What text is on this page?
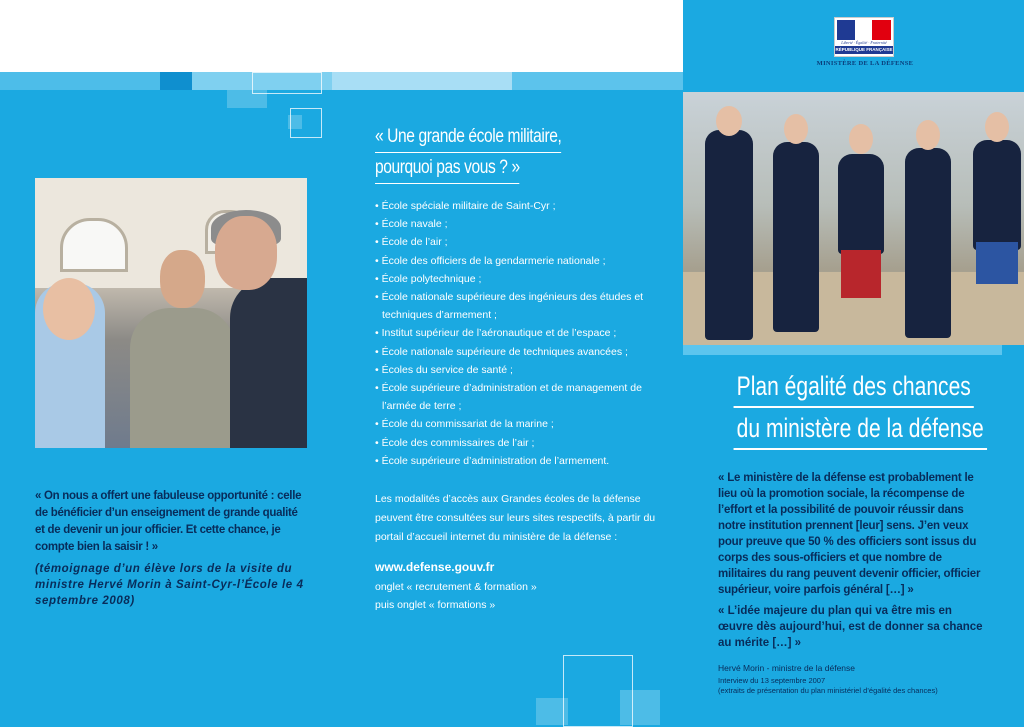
Liberté · Égalité · Fraternité
RÉPUBLIQUE FRANÇAISE
MINISTÈRE DE LA DÉFENSE
« Une grande école militaire,
pourquoi pas vous ? »
• École spéciale militaire de Saint-Cyr ;
• École navale ;
• École de l’air ;
• École des officiers de la gendarmerie nationale ;
• École polytechnique ;
• École nationale supérieure des ingénieurs des études et techniques d’armement ;
• Institut supérieur de l’aéronautique et de l’espace ;
• École nationale supérieure de techniques avancées ;
• Écoles du service de santé ;
• École supérieure d’administration et de management de l’armée de terre ;
• École du commissariat de la marine ;
• École des commissaires de l’air ;
• École supérieure d’administration de l’armement.

Les modalités d’accès aux Grandes écoles de la défense peuvent être consultées sur leurs sites respectifs, à partir du portail d’accueil internet du ministère de la défense :

www.defense.gouv.fr
onglet « recrutement & formation »
puis onglet « formations »

« On nous a offert une fabuleuse opportunité : celle de bénéficier d’un enseignement de grande qualité et de devenir un jour officier. Et cette chance, je compte bien la saisir ! »

(témoignage d’un élève lors de la visite du ministre Hervé Morin à Saint-Cyr-l’École le 4 septembre 2008)

Plan égalité des chances
du ministère de la défense

« Le ministère de la défense est probablement le lieu où la promotion sociale, la récompense de l’effort et la possibilité de pouvoir réussir dans notre institution prennent [leur] sens. J’en veux pour preuve que 50 % des officiers sont issus du corps des sous-officiers et que nombre de militaires du rang peuvent devenir officier, officier supérieur, voire parfois général […] »

« L’idée majeure du plan qui va être mis en œuvre dès aujourd’hui, est de donner sa chance au mérite […] »

Hervé Morin - ministre de la défense
Interview du 13 septembre 2007
(extraits de présentation du plan ministériel d’égalité des chances)
